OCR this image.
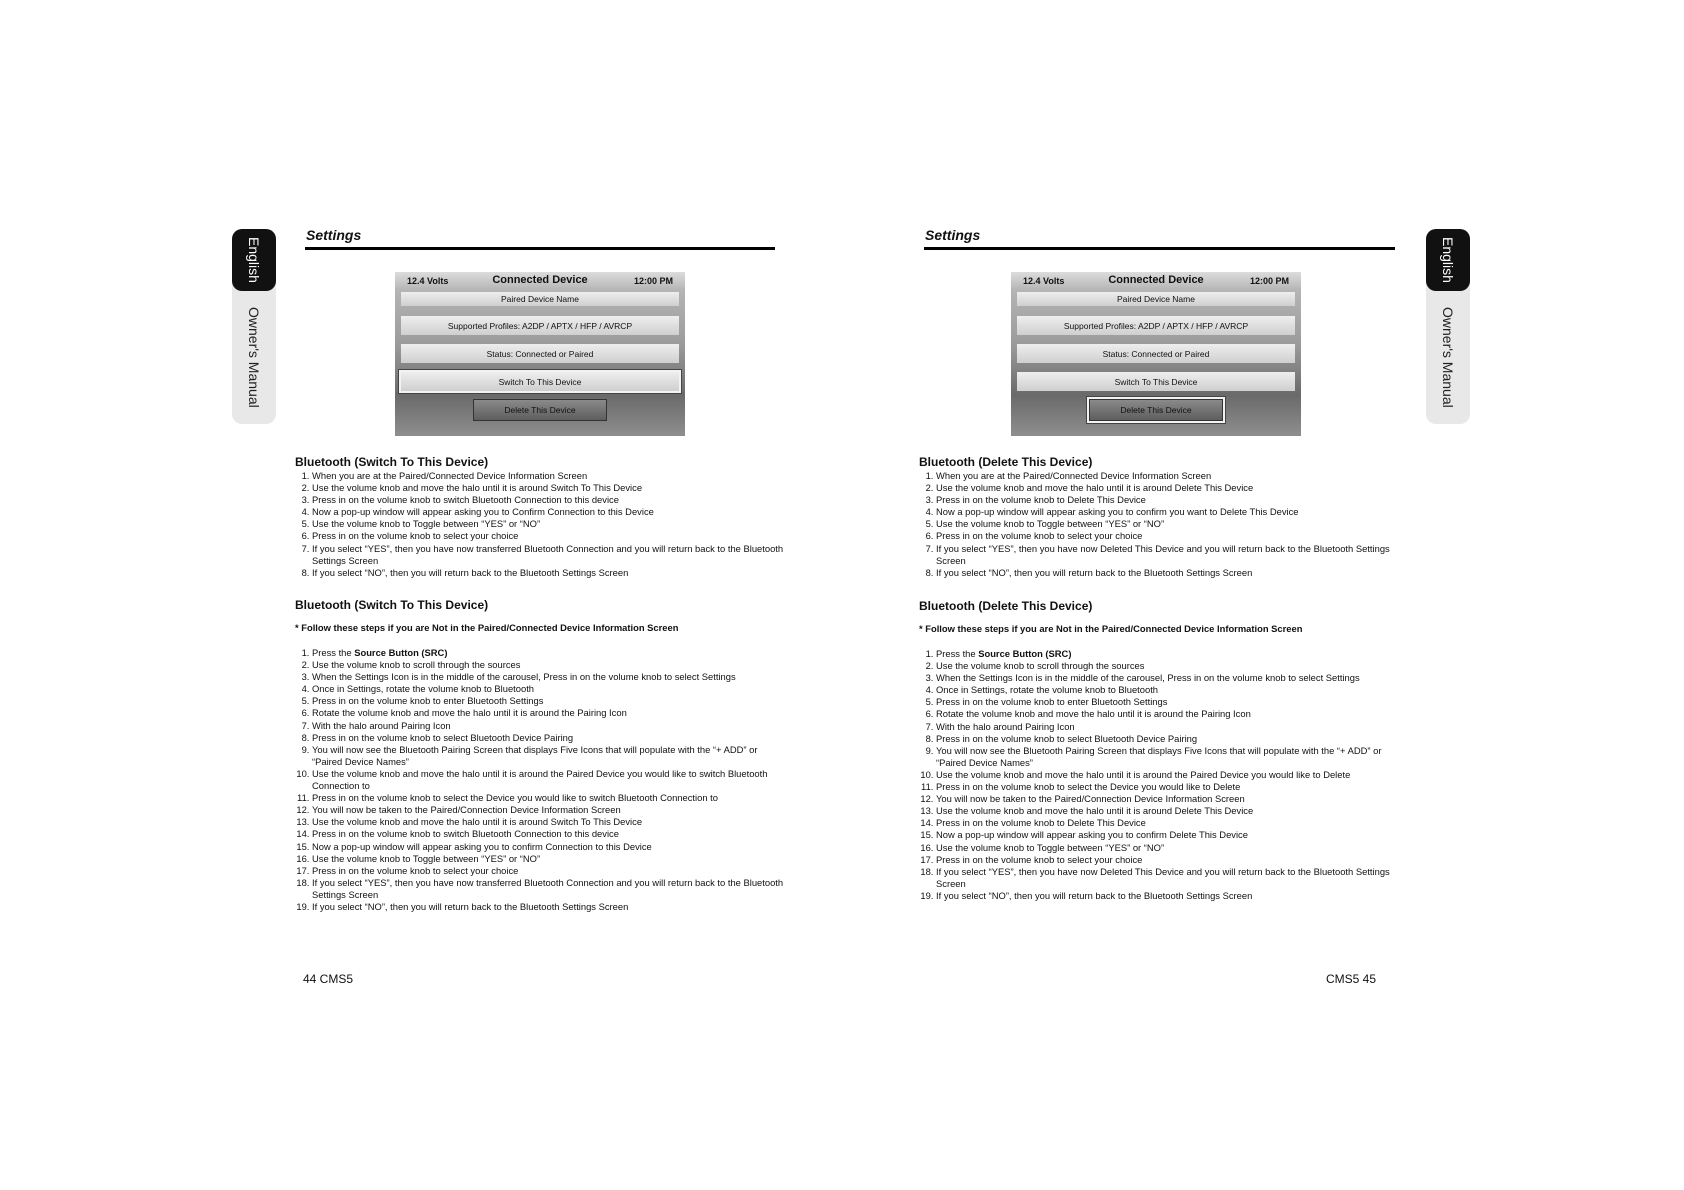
English
Owner's Manual
Settings
12.4 Volts	Connected Device	12:00 PM
Paired Device Name
Supported Profiles: A2DP / APTX / HFP / AVRCP
Status: Connected or Paired
Switch To This Device
Delete This Device
Bluetooth (Switch To This Device)
1. When you are at the Paired/Connected Device Information Screen
2. Use the volume knob and move the halo until it is around Switch To This Device
3. Press in on the volume knob to switch Bluetooth Connection to this device
4. Now a pop-up window will appear asking you to Confirm Connection to this Device
5. Use the volume knob to Toggle between “YES” or “NO”
6. Press in on the volume knob to select your choice
7. If you select “YES”, then you have now transferred Bluetooth Connection and you will return back to the Bluetooth Settings Screen
8. If you select “NO”, then you will return back to the Bluetooth Settings Screen
Bluetooth (Switch To This Device)

* Follow these steps if you are Not in the Paired/Connected Device Information Screen

1. Press the Source Button (SRC)
2. Use the volume knob to scroll through the sources
3. When the Settings Icon is in the middle of the carousel, Press in on the volume knob to select Settings
4. Once in Settings, rotate the volume knob to Bluetooth
5. Press in on the volume knob to enter Bluetooth Settings
6. Rotate the volume knob and move the halo until it is around the Pairing Icon
7. With the halo around Pairing Icon
8. Press in on the volume knob to select Bluetooth Device Pairing
9. You will now see the Bluetooth Pairing Screen that displays Five Icons that will populate with the “+ ADD” or “Paired Device Names”
10. Use the volume knob and move the halo until it is around the Paired Device you would like to switch Bluetooth Connection to
11. Press in on the volume knob to select the Device you would like to switch Bluetooth Connection to
12. You will now be taken to the Paired/Connection Device Information Screen
13. Use the volume knob and move the halo until it is around Switch To This Device
14. Press in on the volume knob to switch Bluetooth Connection to this device
15. Now a pop-up window will appear asking you to confirm Connection to this Device
16. Use the volume knob to Toggle between “YES” or “NO”
17. Press in on the volume knob to select your choice
18. If you select “YES”, then you have now transferred Bluetooth Connection and you will return back to the Bluetooth Settings Screen
19. If you select “NO”, then you will return back to the Bluetooth Settings Screen
44 CMS5
Settings
English
Owner's Manual
12.4 Volts	Connected Device	12:00 PM
Paired Device Name
Supported Profiles: A2DP / APTX / HFP / AVRCP
Status: Connected or Paired
Switch To This Device
Delete This Device
Bluetooth (Delete This Device)
1. When you are at the Paired/Connected Device Information Screen
2. Use the volume knob and move the halo until it is around Delete This Device
3. Press in on the volume knob to Delete This Device
4. Now a pop-up window will appear asking you to confirm you want to Delete This Device
5. Use the volume knob to Toggle between “YES” or “NO”
6. Press in on the volume knob to select your choice
7. If you select “YES”, then you have now Deleted This Device and you will return back to the Bluetooth Settings Screen
8. If you select “NO”, then you will return back to the Bluetooth Settings Screen
Bluetooth (Delete This Device)

* Follow these steps if you are Not in the Paired/Connected Device Information Screen

1. Press the Source Button (SRC)
2. Use the volume knob to scroll through the sources
3. When the Settings Icon is in the middle of the carousel, Press in on the volume knob to select Settings
4. Once in Settings, rotate the volume knob to Bluetooth
5. Press in on the volume knob to enter Bluetooth Settings
6. Rotate the volume knob and move the halo until it is around the Pairing Icon
7. With the halo around Pairing Icon
8. Press in on the volume knob to select Bluetooth Device Pairing
9. You will now see the Bluetooth Pairing Screen that displays Five Icons that will populate with the “+ ADD” or “Paired Device Names”
10. Use the volume knob and move the halo until it is around the Paired Device you would like to Delete
11. Press in on the volume knob to select the Device you would like to Delete
12. You will now be taken to the Paired/Connection Device Information Screen
13. Use the volume knob and move the halo until it is around Delete This Device
14. Press in on the volume knob to Delete This Device
15. Now a pop-up window will appear asking you to confirm Delete This Device
16. Use the volume knob to Toggle between “YES” or “NO”
17. Press in on the volume knob to select your choice
18. If you select “YES”, then you have now Deleted This Device and you will return back to the Bluetooth Settings Screen
19. If you select “NO”, then you will return back to the Bluetooth Settings Screen
CMS5 45
